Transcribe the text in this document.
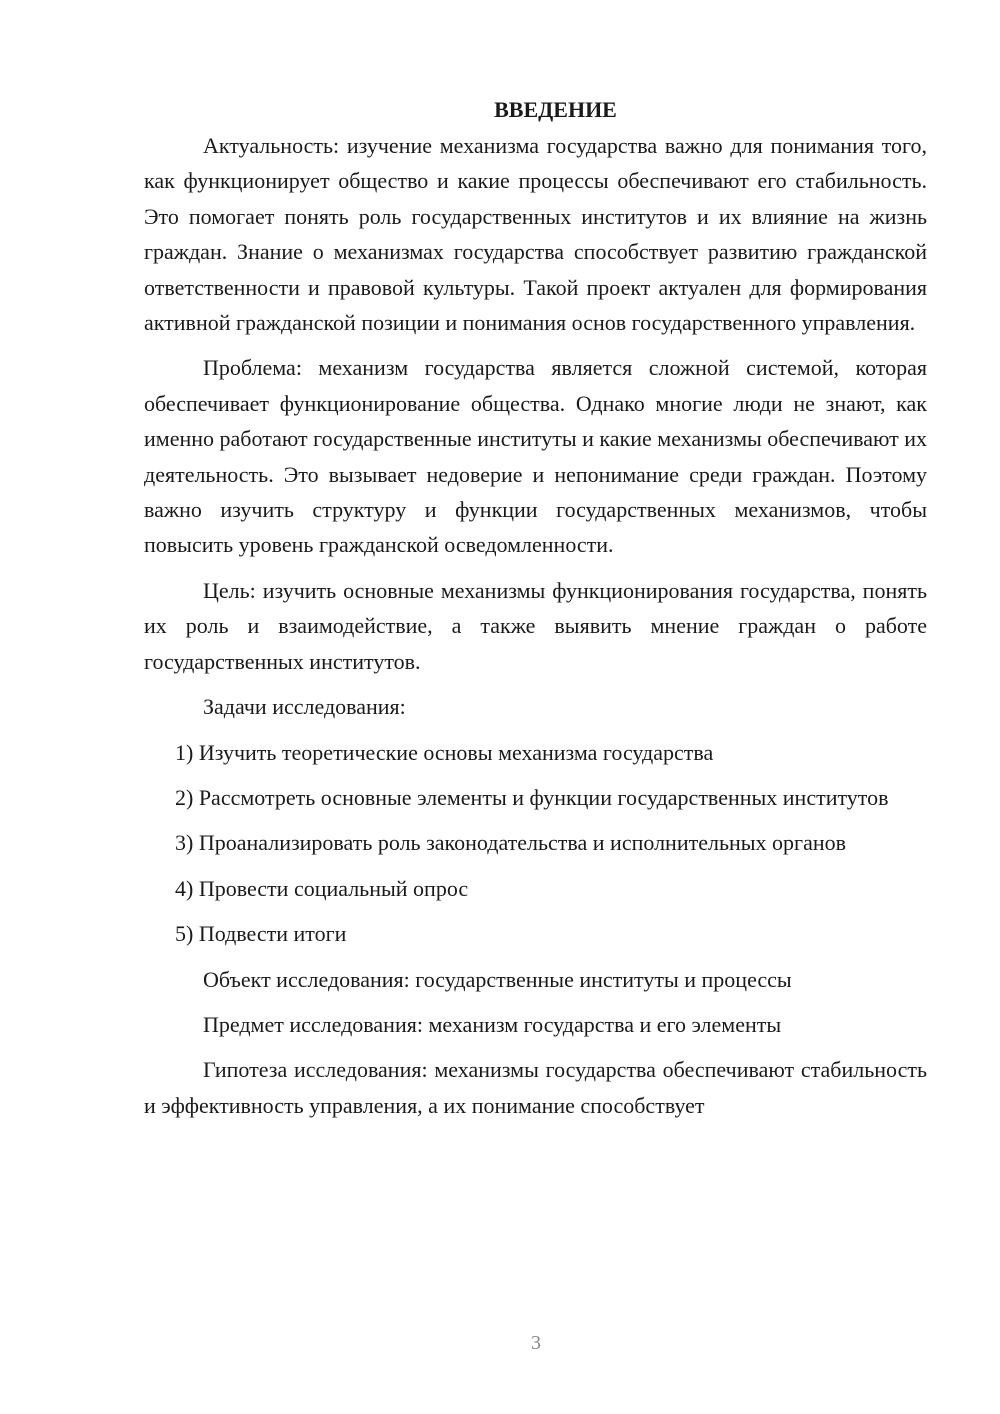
ВВЕДЕНИЕ

Актуальность: изучение механизма государства важно для понимания того, как функционирует общество и какие процессы обеспечивают его стабильность. Это помогает понять роль государственных институтов и их влияние на жизнь граждан. Знание о механизмах государства способствует развитию гражданской ответственности и правовой культуры. Такой проект актуален для формирования активной гражданской позиции и понимания основ государственного управления.

Проблема: механизм государства является сложной системой, которая обеспечивает функционирование общества. Однако многие люди не знают, как именно работают государственные институты и какие механизмы обеспечивают их деятельность. Это вызывает недоверие и непонимание среди граждан. Поэтому важно изучить структуру и функции государственных механизмов, чтобы повысить уровень гражданской осведомленности.

Цель: изучить основные механизмы функционирования государства, понять их роль и взаимодействие, а также выявить мнение граждан о работе государственных институтов.

Задачи исследования:

1) Изучить теоретические основы механизма государства

2) Рассмотреть основные элементы и функции государственных институтов

3) Проанализировать роль законодательства и исполнительных органов

4) Провести социальный опрос

5) Подвести итоги

Объект исследования: государственные институты и процессы

Предмет исследования: механизм государства и его элементы

Гипотеза исследования: механизмы государства обеспечивают стабильность и эффективность управления, а их понимание способствует

3
